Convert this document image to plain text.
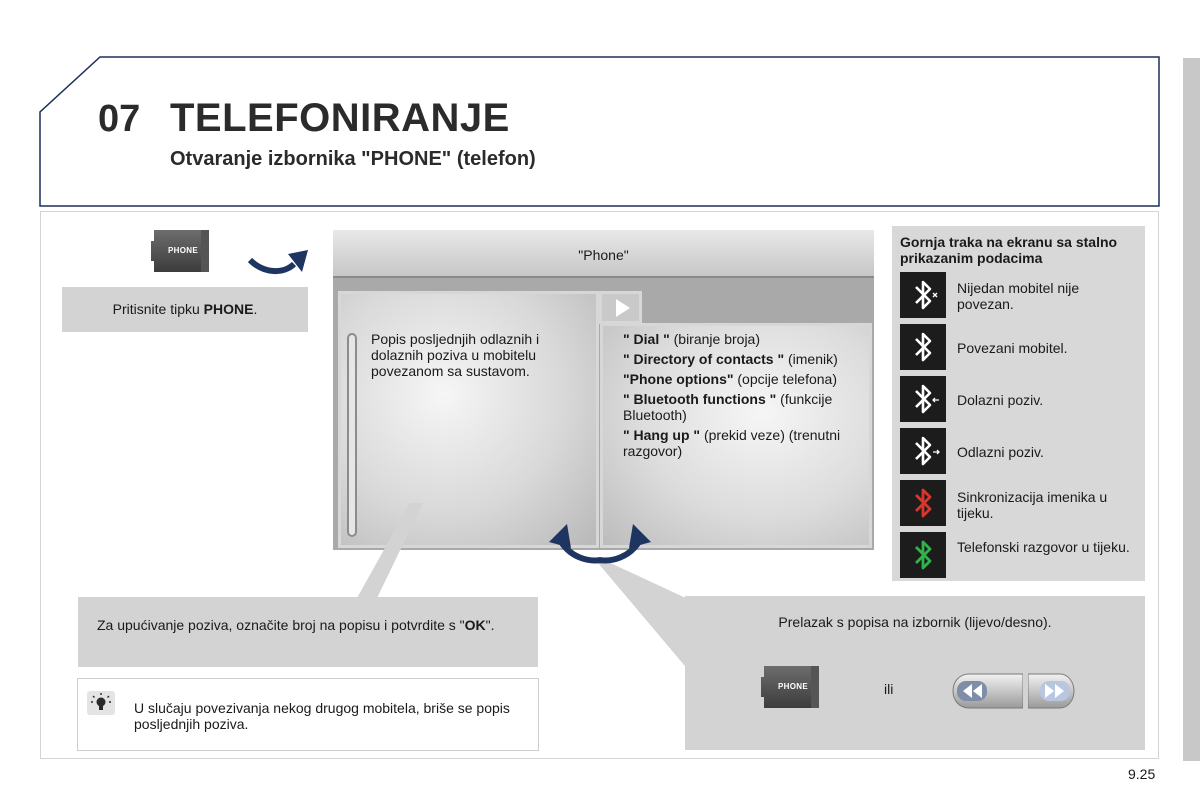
07 TELEFONIRANJE
Otvaranje izbornika "PHONE" (telefon)
PHONE
Pritisnite tipku PHONE.
"Phone"
Popis posljednjih odlaznih i dolaznih poziva u mobitelu povezanom sa sustavom.
" Dial " (biranje broja)
" Directory of contacts " (imenik)
"Phone options" (opcije telefona)
" Bluetooth functions " (funkcije Bluetooth)
" Hang up " (prekid veze) (trenutni razgovor)
Gornja traka na ekranu sa stalno prikazanim podacima
Nijedan mobitel nije povezan.
Povezani mobitel.
Dolazni poziv.
Odlazni poziv.
Sinkronizacija imenika u tijeku.
Telefonski razgovor u tijeku.
Za upućivanje poziva, označite broj na popisu i potvrdite s "OK".
U slučaju povezivanja nekog drugog mobitela, briše se popis posljednjih poziva.
Prelazak s popisa na izbornik (lijevo/desno).
PHONE	ili
9.25
